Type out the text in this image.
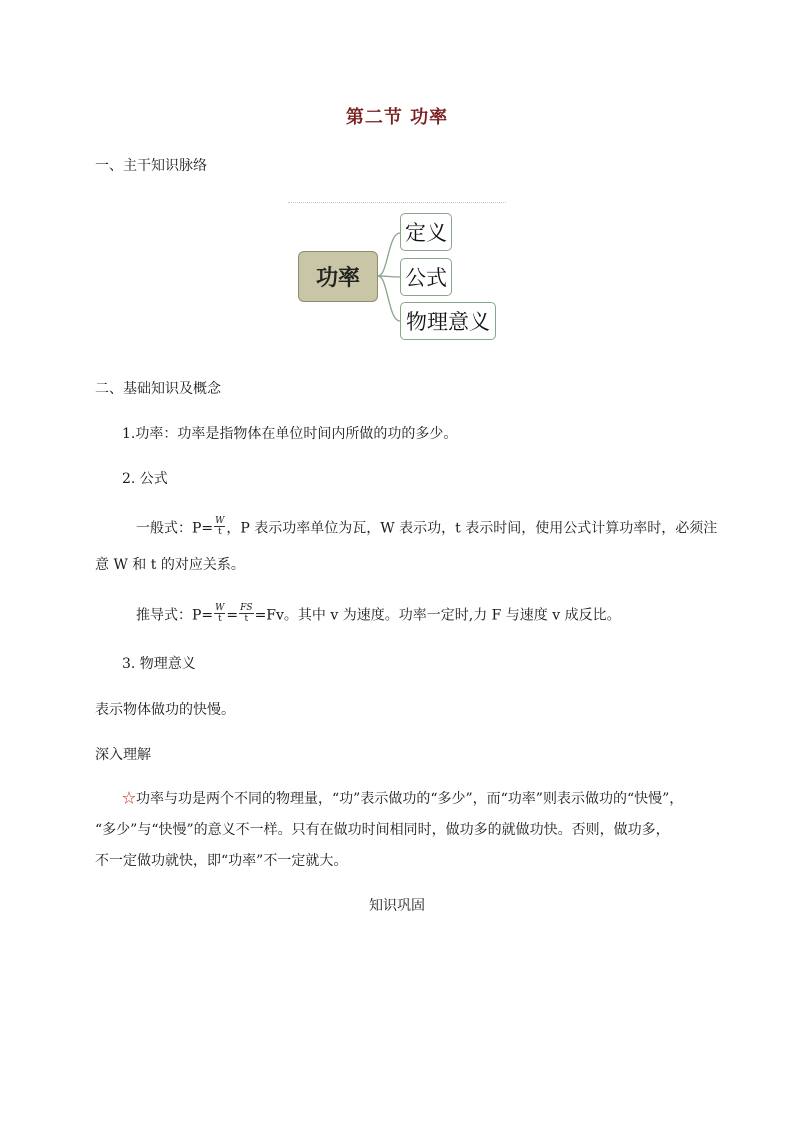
第二节 功率
一、主干知识脉络
功率
定义
公式
物理意义
二、基础知识及概念
1.功率：功率是指物体在单位时间内所做的功的多少。
2. 公式
一般式：$P= \frac{W}{t}$ ，P 表示功率单位为瓦，W 表示功，t 表示时间，使用公式计算功率时，必须注
意 W 和 t 的对应关系。
推导式：$P= \frac{W}{t} = \frac{FS}{t} =Fv$。其中 v 为速度。功率一定时,力 F 与速度 v 成反比。
3. 物理意义
表示物体做功的快慢。
深入理解
☆功率与功是两个不同的物理量，“功”表示做功的“多少”，而“功率”则表示做功的“快慢”，
“多少”与“快慢”的意义不一样。只有在做功时间相同时，做功多的就做功快。否则，做功多，
不一定做功就快，即“功率”不一定就大。
知识巩固
